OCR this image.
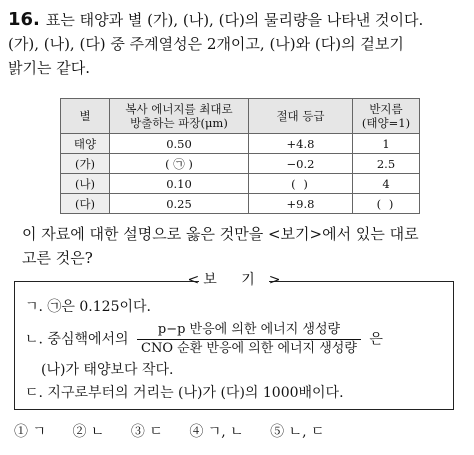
16. 표는 태양과 별 (가), (나), (다)의 물리량을 나타낸 것이다.
(가), (나), (다) 중 주계열성은 2개이고, (나)와 (다)의 겉보기
밝기는 같다.
별	복사 에너지를 최대로
방출하는 파장(μm)	절대 등급	반지름
(태양=1)
태양	0.50	+4.8	1
(가)	( ㉠ )	−0.2	2.5
(나)	0.10	( )	4
(다)	0.25	+9.8	( )
이 자료에 대한 설명으로 옳은 것만을 <보기>에서 있는 대로
고른 것은?
< 보 기 >
ㄱ. ㉠은 0.125이다.
ㄴ. 중심핵에서의 $\frac{\text{p−p 반응에 의한 에너지 생성량}}{\text{CNO 순환 반응에 의한 에너지 생성량}}$ 은
(나)가 태양보다 작다.
ㄷ. 지구로부터의 거리는 (나)가 (다)의 1000배이다.
① ㄱ ② ㄴ ③ ㄷ ④ ㄱ, ㄴ ⑤ ㄴ, ㄷ
